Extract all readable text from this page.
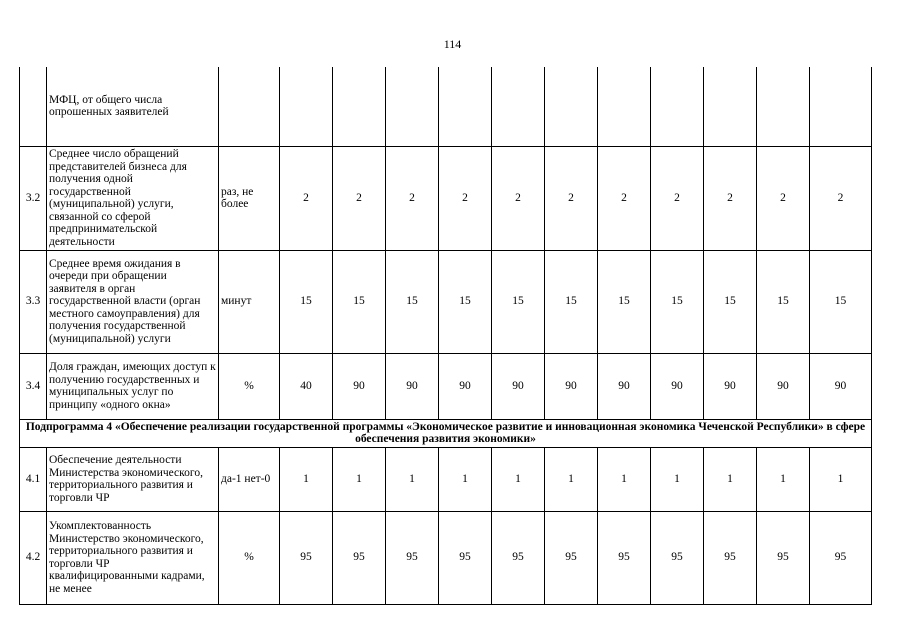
114
	МФЦ, от общего числа опрошенных заявителей													
3.2	Среднее число обращений представителей бизнеса для получения одной государственной (муниципальной) услуги, связанной со сферой предпринимательской деятельности	раз, не более	2	2	2	2	2	2	2	2	2	2	2	
3.3	Среднее время ожидания в очереди при обращении заявителя в орган государственной власти (орган местного самоуправления) для получения государственной (муниципальной) услуги	минут	15	15	15	15	15	15	15	15	15	15	15	
3.4	Доля граждан, имеющих доступ к получению государственных и муниципальных услуг по принципу «одного окна»	%	40	90	90	90	90	90	90	90	90	90	90	
Подпрограмма 4 «Обеспечение реализации государственной программы «Экономическое развитие и инновационная экономика Чеченской Республики» в сфере обеспечения развития экономики»														
4.1	Обеспечение деятельности Министерства экономического, территориального развития и торговли ЧР	да-1 нет-0	1	1	1	1	1	1	1	1	1	1	1	
4.2	Укомплектованность Министерство экономического, территориального развития и торговли ЧР квалифицированными кадрами, не менее	%	95	95	95	95	95	95	95	95	95	95	95	
